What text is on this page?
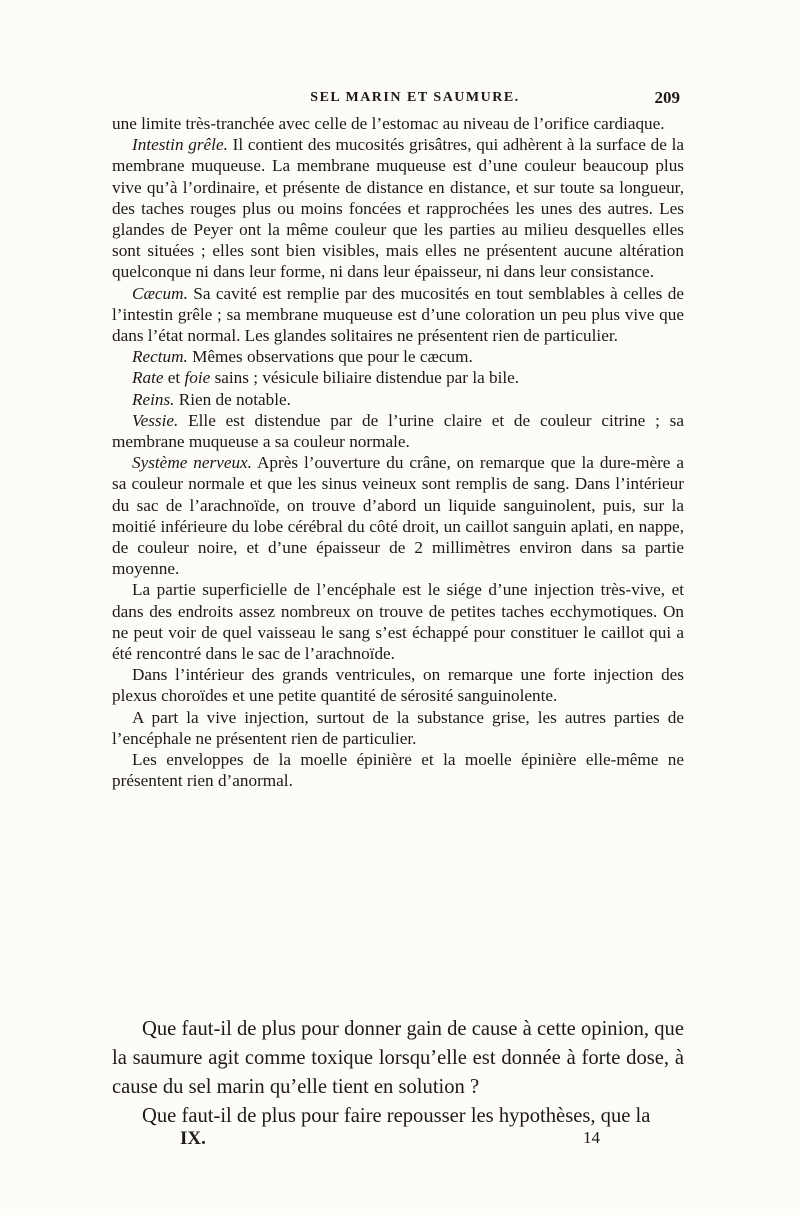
SEL MARIN ET SAUMURE.	209

une limite très-tranchée avec celle de l’estomac au niveau de l’orifice cardiaque.

Intestin grêle. Il contient des mucosités grisâtres, qui adhèrent à la surface de la membrane muqueuse. La membrane muqueuse est d’une couleur beaucoup plus vive qu’à l’ordinaire, et présente de distance en distance, et sur toute sa longueur, des taches rouges plus ou moins foncées et rapprochées les unes des autres. Les glandes de Peyer ont la même couleur que les parties au milieu desquelles elles sont situées ; elles sont bien visibles, mais elles ne présentent aucune altération quelconque ni dans leur forme, ni dans leur épaisseur, ni dans leur consistance.

Cæcum. Sa cavité est remplie par des mucosités en tout semblables à celles de l’intestin grêle ; sa membrane muqueuse est d’une coloration un peu plus vive que dans l’état normal. Les glandes solitaires ne présentent rien de particulier.

Rectum. Mêmes observations que pour le cæcum.

Rate et foie sains ; vésicule biliaire distendue par la bile.

Reins. Rien de notable.

Vessie. Elle est distendue par de l’urine claire et de couleur citrine ; sa membrane muqueuse a sa couleur normale.

Système nerveux. Après l’ouverture du crâne, on remarque que la dure-mère a sa couleur normale et que les sinus veineux sont remplis de sang. Dans l’intérieur du sac de l’arachnoïde, on trouve d’abord un liquide sanguinolent, puis, sur la moitié inférieure du lobe cérébral du côté droit, un caillot sanguin aplati, en nappe, de couleur noire, et d’une épaisseur de 2 millimètres environ dans sa partie moyenne.

La partie superficielle de l’encéphale est le siége d’une injection très-vive, et dans des endroits assez nombreux on trouve de petites taches ecchymotiques. On ne peut voir de quel vaisseau le sang s’est échappé pour constituer le caillot qui a été rencontré dans le sac de l’arachnoïde.

Dans l’intérieur des grands ventricules, on remarque une forte injection des plexus choroïdes et une petite quantité de sérosité sanguinolente.

A part la vive injection, surtout de la substance grise, les autres parties de l’encéphale ne présentent rien de particulier.

Les enveloppes de la moelle épinière et la moelle épinière elle-même ne présentent rien d’anormal.

Que faut-il de plus pour donner gain de cause à cette opinion, que la saumure agit comme toxique lorsqu’elle est donnée à forte dose, à cause du sel marin qu’elle tient en solution ?

Que faut-il de plus pour faire repousser les hypothèses, que la

IX.	14
